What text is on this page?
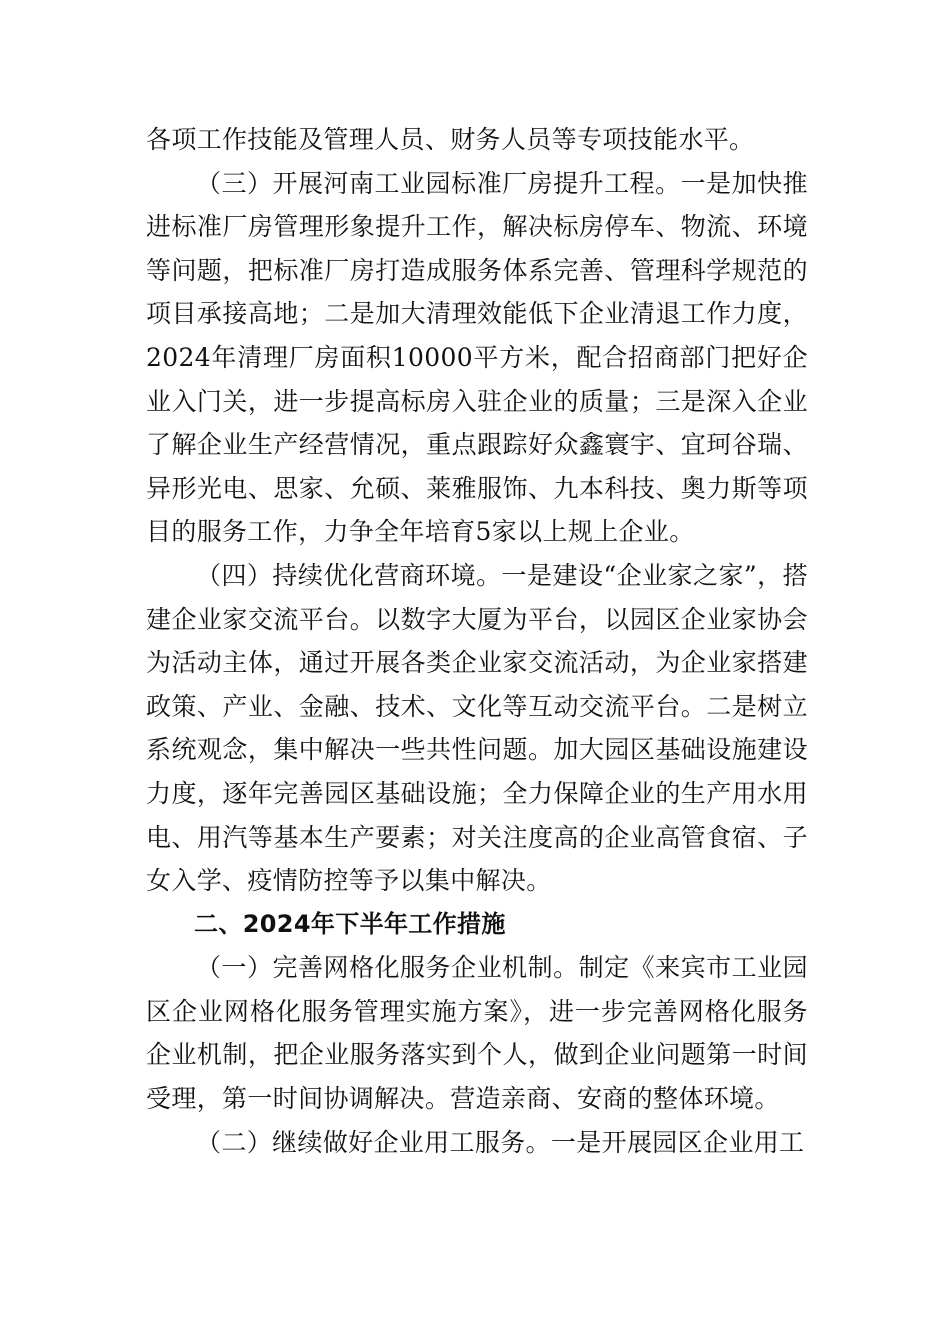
各项工作技能及管理人员、财务人员等专项技能水平。

（三）开展河南工业园标准厂房提升工程。一是加快推进标准厂房管理形象提升工作，解决标房停车、物流、环境等问题，把标准厂房打造成服务体系完善、管理科学规范的项目承接高地；二是加大清理效能低下企业清退工作力度，2024年清理厂房面积10000平方米，配合招商部门把好企业入门关，进一步提高标房入驻企业的质量；三是深入企业了解企业生产经营情况，重点跟踪好众鑫寰宇、宜珂谷瑞、异形光电、思家、允硕、莱雅服饰、九本科技、奥力斯等项目的服务工作，力争全年培育5家以上规上企业。

（四）持续优化营商环境。一是建设“企业家之家”，搭建企业家交流平台。以数字大厦为平台，以园区企业家协会为活动主体，通过开展各类企业家交流活动，为企业家搭建政策、产业、金融、技术、文化等互动交流平台。二是树立系统观念，集中解决一些共性问题。加大园区基础设施建设力度，逐年完善园区基础设施；全力保障企业的生产用水用电、用汽等基本生产要素；对关注度高的企业高管食宿、子女入学、疫情防控等予以集中解决。

二、2024年下半年工作措施

（一）完善网格化服务企业机制。制定《来宾市工业园区企业网格化服务管理实施方案》，进一步完善网格化服务企业机制，把企业服务落实到个人，做到企业问题第一时间受理，第一时间协调解决。营造亲商、安商的整体环境。

（二）继续做好企业用工服务。一是开展园区企业用工
